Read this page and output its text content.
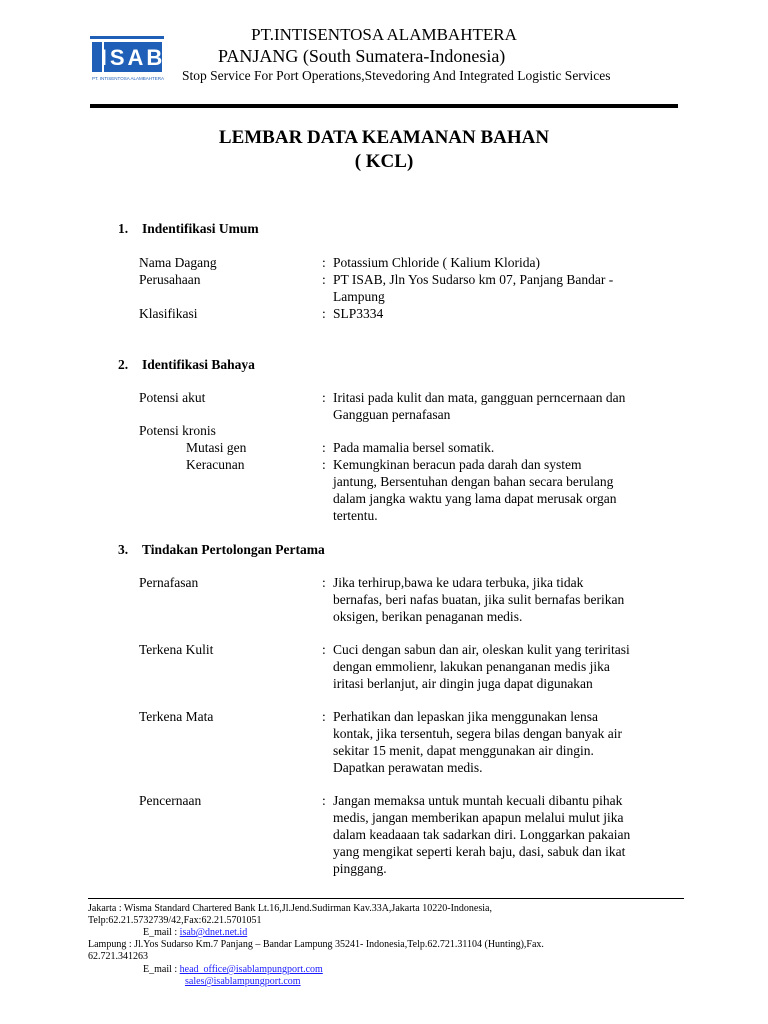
ISAB
PT. INTISENTOSA ALAMBAHTERA
PT.INTISENTOSA ALAMBAHTERA
PANJANG (South Sumatera-Indonesia)
Stop Service For Port Operations,Stevedoring And Integrated Logistic Services
LEMBAR DATA KEAMANAN BAHAN
( KCL)
1. Indentifikasi Umum
Nama Dagang	: Potassium Chloride ( Kalium Klorida)
Perusahaan	: PT ISAB, Jln Yos Sudarso km 07, Panjang Bandar -
Lampung
Klasifikasi	: SLP3334
2. Identifikasi Bahaya
Potensi akut	: Iritasi pada kulit dan mata, gangguan perncernaan dan
Gangguan pernafasan
Potensi kronis
Mutasi gen	: Pada mamalia bersel somatik.
Keracunan	: Kemungkinan beracun pada darah dan system
jantung, Bersentuhan dengan bahan secara berulang
dalam jangka waktu yang lama dapat merusak organ
tertentu.
3. Tindakan Pertolongan Pertama
Pernafasan	: Jika terhirup,bawa ke udara terbuka, jika tidak
bernafas, beri nafas buatan, jika sulit bernafas berikan
oksigen, berikan penaganan medis.
Terkena Kulit	: Cuci dengan sabun dan air, oleskan kulit yang teriritasi
dengan emmolienr, lakukan penanganan medis jika
iritasi berlanjut, air dingin juga dapat digunakan
Terkena Mata	: Perhatikan dan lepaskan jika menggunakan lensa
kontak, jika tersentuh, segera bilas dengan banyak air
sekitar 15 menit, dapat menggunakan air dingin.
Dapatkan perawatan medis.
Pencernaan	: Jangan memaksa untuk muntah kecuali dibantu pihak
medis, jangan memberikan apapun melalui mulut jika
dalam keadaaan tak sadarkan diri. Longgarkan pakaian
yang mengikat seperti kerah baju, dasi, sabuk dan ikat
pinggang.
Jakarta : Wisma Standard Chartered Bank Lt.16,Jl.Jend.Sudirman Kav.33A,Jakarta 10220-Indonesia,
Telp:62.21.5732739/42,Fax:62.21.5701051
E_mail : isab@dnet.net.id
Lampung : Jl.Yos Sudarso Km.7 Panjang – Bandar Lampung 35241- Indonesia,Telp.62.721.31104 (Hunting),Fax.
62.721.341263
E_mail : head_office@isablampungport.com
sales@isablampungport.com
